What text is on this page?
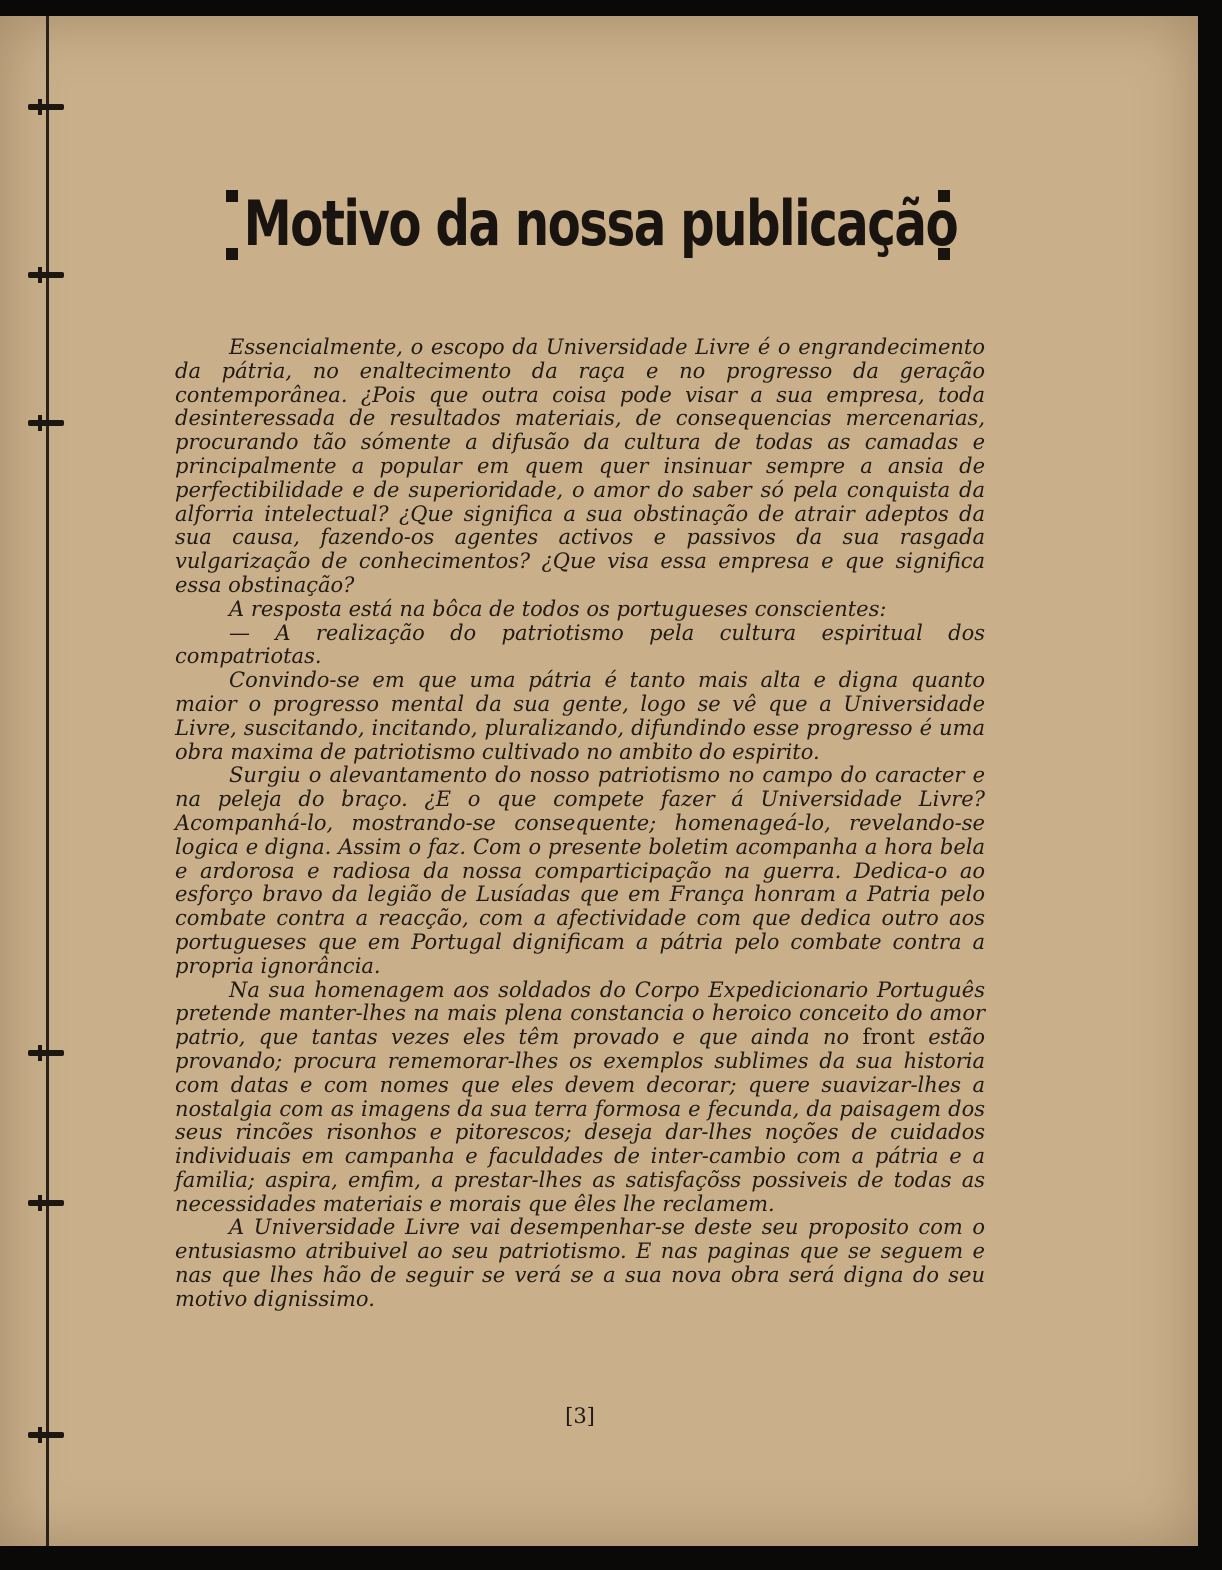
Motivo da nossa publicação

Essencialmente, o escopo da Universidade Livre é o engrandecimento da pátria, no enaltecimento da raça e no progresso da geração contemporânea. ¿Pois que outra coisa pode visar a sua empresa, toda desinteressada de resultados materiais, de consequencias mercenarias, procurando tão sómente a difusão da cultura de todas as camadas e principalmente a popular em quem quer insinuar sempre a ansia de perfectibilidade e de superioridade, o amor do saber só pela conquista da alforria intelectual? ¿Que significa a sua obstinação de atrair adeptos da sua causa, fazendo-os agentes activos e passivos da sua rasgada vulgarização de conhecimentos? ¿Que visa essa empresa e que significa essa obstinação?

A resposta está na bôca de todos os portugueses conscientes:

— A realização do patriotismo pela cultura espiritual dos compatriotas.

Convindo-se em que uma pátria é tanto mais alta e digna quanto maior o progresso mental da sua gente, logo se vê que a Universidade Livre, suscitando, incitando, pluralizando, difundindo esse progresso é uma obra maxima de patriotismo cultivado no ambito do espirito.

Surgiu o alevantamento do nosso patriotismo no campo do caracter e na peleja do braço. ¿E o que compete fazer á Universidade Livre? Acompanhá-lo, mostrando-se consequente; homenageá-lo, revelando-se logica e digna. Assim o faz. Com o presente boletim acompanha a hora bela e ardorosa e radiosa da nossa comparticipação na guerra. Dedica-o ao esforço bravo da legião de Lusíadas que em França honram a Patria pelo combate contra a reacção, com a afectividade com que dedica outro aos portugueses que em Portugal dignificam a pátria pelo combate contra a propria ignorância.

Na sua homenagem aos soldados do Corpo Expedicionario Português pretende manter-lhes na mais plena constancia o heroico conceito do amor patrio, que tantas vezes eles têm provado e que ainda no front estão provando; procura rememorar-lhes os exemplos sublimes da sua historia com datas e com nomes que eles devem decorar; quere suavizar-lhes a nostalgia com as imagens da sua terra formosa e fecunda, da paisagem dos seus rincões risonhos e pitorescos; deseja dar-lhes noções de cuidados individuais em campanha e faculdades de inter-cambio com a pátria e a familia; aspira, emfim, a prestar-lhes as satisfaçõss possiveis de todas as necessidades materiais e morais que êles lhe reclamem.

A Universidade Livre vai desempenhar-se deste seu proposito com o entusiasmo atribuivel ao seu patriotismo. E nas paginas que se seguem e nas que lhes hão de seguir se verá se a sua nova obra será digna do seu motivo dignissimo.

[3]
